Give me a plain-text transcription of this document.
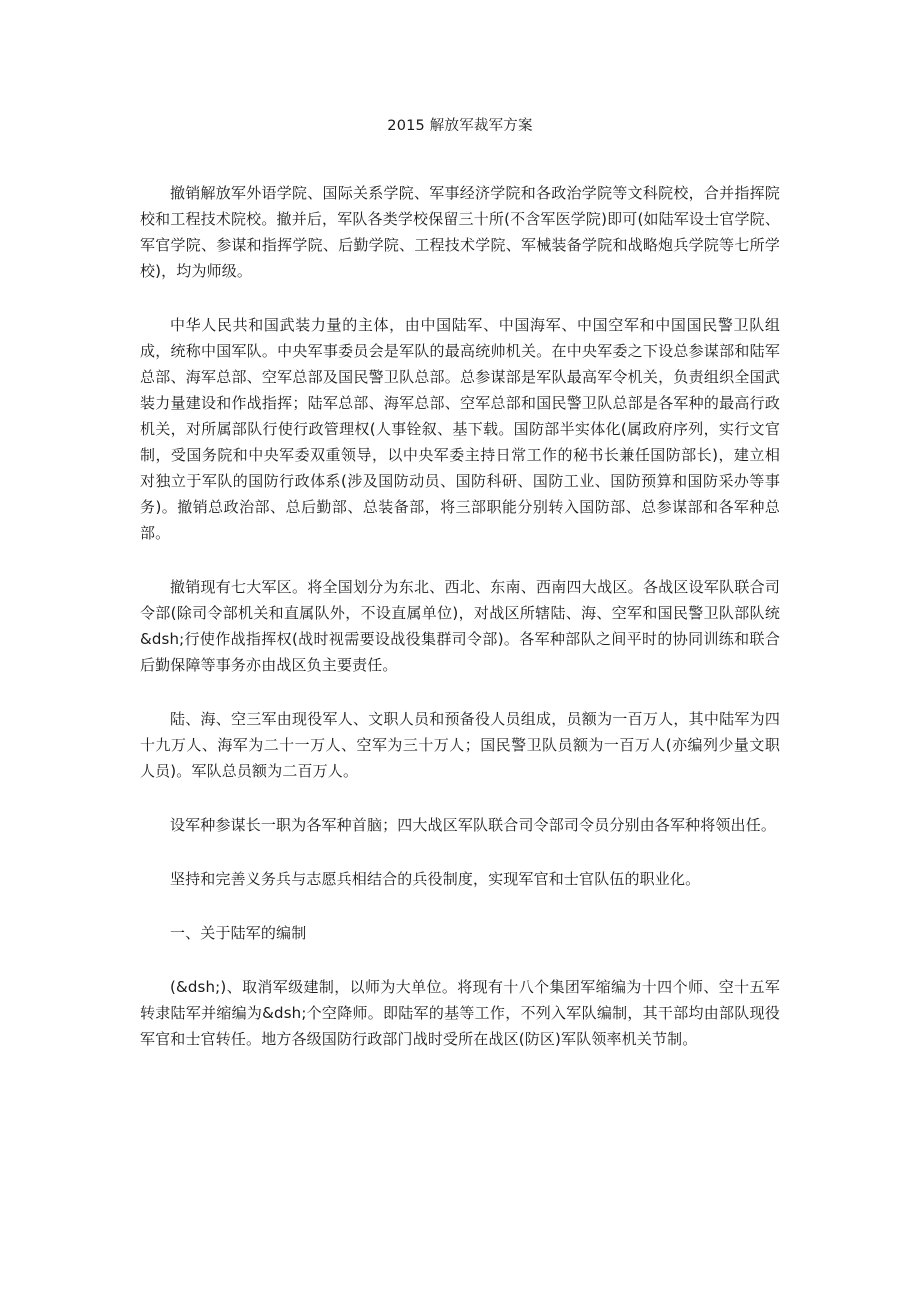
2015 解放军裁军方案

撤销解放军外语学院、国际关系学院、军事经济学院和各政治学院等文科院校，合并指挥院校和工程技术院校。撤并后，军队各类学校保留三十所(不含军医学院)即可(如陆军设士官学院、军官学院、参谋和指挥学院、后勤学院、工程技术学院、军械装备学院和战略炮兵学院等七所学校)，均为师级。

中华人民共和国武装力量的主体，由中国陆军、中国海军、中国空军和中国国民警卫队组成，统称中国军队。中央军事委员会是军队的最高统帅机关。在中央军委之下设总参谋部和陆军总部、海军总部、空军总部及国民警卫队总部。总参谋部是军队最高军令机关，负责组织全国武装力量建设和作战指挥；陆军总部、海军总部、空军总部和国民警卫队总部是各军种的最高行政机关，对所属部队行使行政管理权(人事铨叙、基下载。国防部半实体化(属政府序列，实行文官制，受国务院和中央军委双重领导，以中央军委主持日常工作的秘书长兼任国防部长)，建立相对独立于军队的国防行政体系(涉及国防动员、国防科研、国防工业、国防预算和国防采办等事务)。撤销总政治部、总后勤部、总装备部，将三部职能分别转入国防部、总参谋部和各军种总部。

撤销现有七大军区。将全国划分为东北、西北、东南、西南四大战区。各战区设军队联合司令部(除司令部机关和直属队外，不设直属单位)，对战区所辖陆、海、空军和国民警卫队部队统&dsh;行使作战指挥权(战时视需要设战役集群司令部)。各军种部队之间平时的协同训练和联合后勤保障等事务亦由战区负主要责任。

陆、海、空三军由现役军人、文职人员和预备役人员组成，员额为一百万人，其中陆军为四十九万人、海军为二十一万人、空军为三十万人；国民警卫队员额为一百万人(亦编列少量文职人员)。军队总员额为二百万人。

设军种参谋长一职为各军种首脑；四大战区军队联合司令部司令员分别由各军种将领出任。

坚持和完善义务兵与志愿兵相结合的兵役制度，实现军官和士官队伍的职业化。

一、关于陆军的编制

(&dsh;)、取消军级建制，以师为大单位。将现有十八个集团军缩编为十四个师、空十五军转隶陆军并缩编为&dsh;个空降师。即陆军的基等工作，不列入军队编制，其干部均由部队现役军官和士官转任。地方各级国防行政部门战时受所在战区(防区)军队领率机关节制。
